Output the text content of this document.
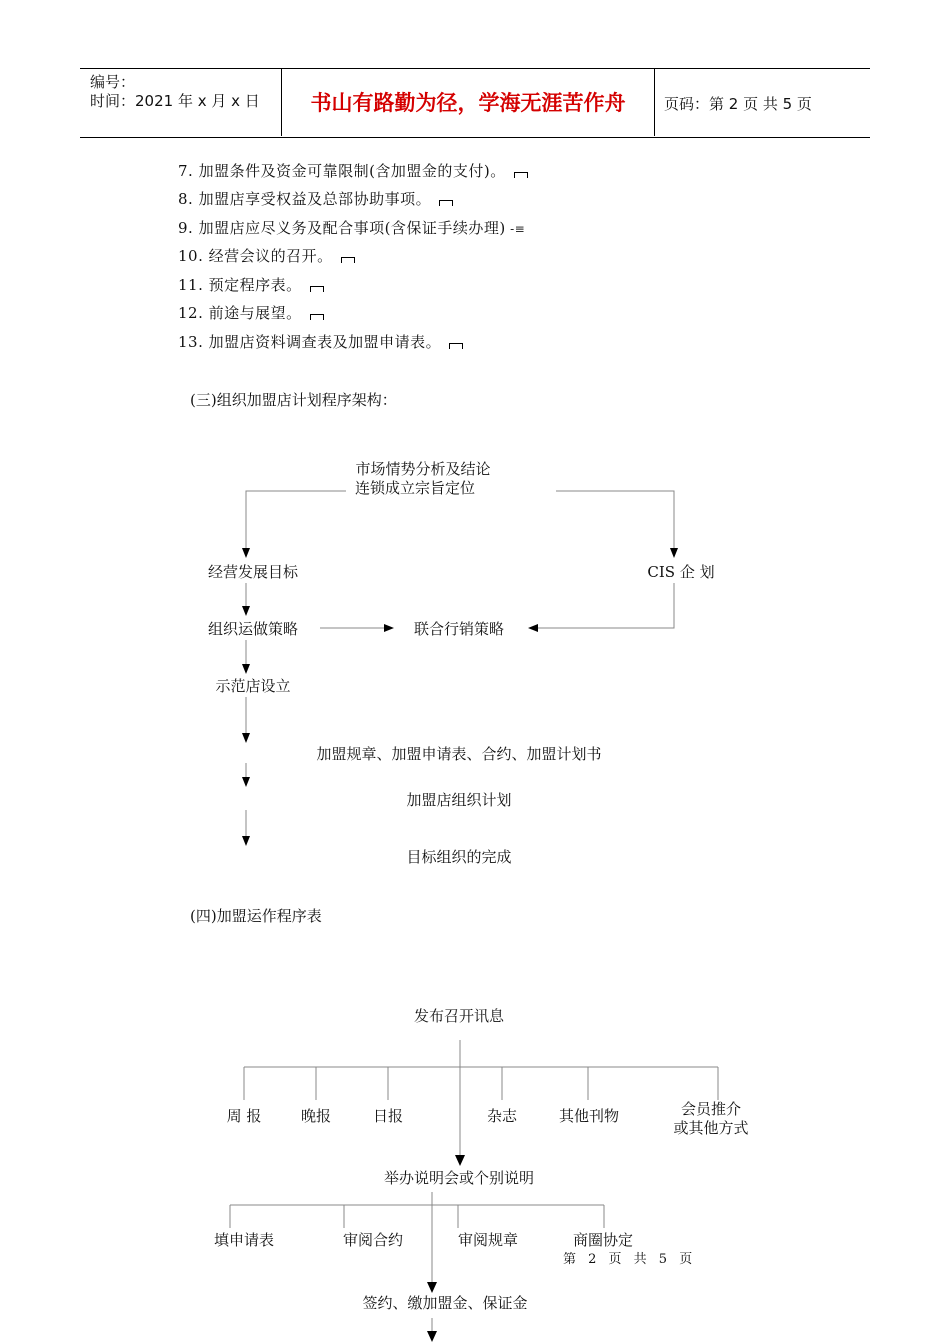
编号：
时间：2021 年 x 月 x 日	书山有路勤为径，学海无涯苦作舟	页码：第 2 页 共 5 页
7. 加盟条件及资金可靠限制(含加盟金的支付)。
8. 加盟店享受权益及总部协助事项。
9. 加盟店应尽义务及配合事项(含保证手续办理) -≡
10. 经营会议的召开。
11. 预定程序表。
12. 前途与展望。
13. 加盟店资料调查表及加盟申请表。
(三)组织加盟店计划程序架构：
市场情势分析及结论
连锁成立宗旨定位
经营发展目标	CIS 企 划
组织运做策略	联合行销策略
示范店设立
加盟规章、加盟申请表、合约、加盟计划书
加盟店组织计划
目标组织的完成
(四)加盟运作程序表
发布召开讯息
周 报	晚报	日报	杂志	其他刊物	会员推介
或其他方式
举办说明会或个别说明
填申请表	审阅合约	审阅规章	商圈协定
签约、缴加盟金、保证金
第 2 页 共 5 页
